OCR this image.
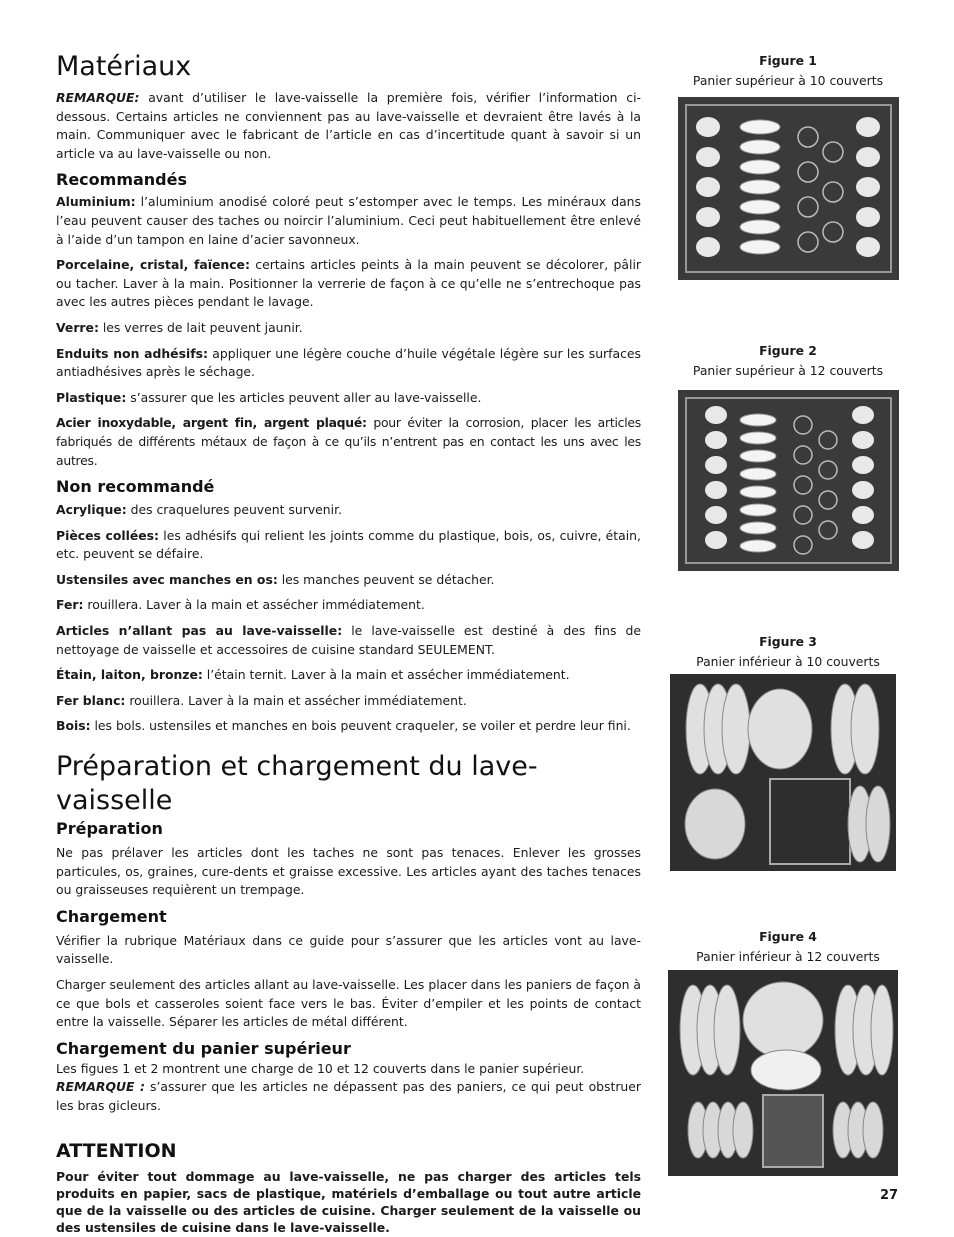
Matériaux

REMARQUE: avant d’utiliser le lave-vaisselle la première fois, vérifier l’information ci-dessous. Certains articles ne conviennent pas au lave-vaisselle et devraient être lavés à la main. Communiquer avec le fabricant de l’article en cas d’incertitude quant à savoir si un article va au lave-vaisselle ou non.

Recommandés

Aluminium: l’aluminium anodisé coloré peut s’estomper avec le temps. Les minéraux dans l’eau peuvent causer des taches ou noircir l’aluminium. Ceci peut habituellement être enlevé à l’aide d’un tampon en laine d’acier savonneux.

Porcelaine, cristal, faïence: certains articles peints à la main peuvent se décolorer, pâlir ou tacher. Laver à la main. Positionner la verrerie de façon à ce qu’elle ne s’entrechoque pas avec les autres pièces pendant le lavage.

Verre: les verres de lait peuvent jaunir.

Enduits non adhésifs: appliquer une légère couche d’huile végétale légère sur les surfaces antiadhésives après le séchage.

Plastique: s’assurer que les articles peuvent aller au lave-vaisselle.

Acier inoxydable, argent fin, argent plaqué: pour éviter la corrosion, placer les articles fabriqués de différents métaux de façon à ce qu’ils n’entrent pas en contact les uns avec les autres.

Non recommandé

Acrylique: des craquelures peuvent survenir.

Pièces collées: les adhésifs qui relient les joints comme du plastique, bois, os, cuivre, étain, etc. peuvent se défaire.

Ustensiles avec manches en os: les manches peuvent se détacher.

Fer: rouillera. Laver à la main et assécher immédiatement.

Articles n’allant pas au lave-vaisselle: le lave-vaisselle est destiné à des fins de nettoyage de vaisselle et accessoires de cuisine standard SEULEMENT.

Étain, laiton, bronze: l’étain ternit. Laver à la main et assécher immédiatement.

Fer blanc: rouillera. Laver à la main et assécher immédiatement.

Bois: les bols. ustensiles et manches en bois peuvent craqueler, se voiler et perdre leur fini.

Préparation et chargement du lave-vaisselle
Préparation

Ne pas prélaver les articles dont les taches ne sont pas tenaces. Enlever les grosses particules, os, graines, cure-dents et graisse excessive. Les articles ayant des taches tenaces ou graisseuses requièrent un trempage.

Chargement

Vérifier la rubrique Matériaux dans ce guide pour s’assurer que les articles vont au lave-vaisselle.

Charger seulement des articles allant au lave-vaisselle. Les placer dans les paniers de façon à ce que bols et casseroles soient face vers le bas. Éviter d’empiler et les points de contact entre la vaisselle. Séparer les articles de métal différent.

Chargement du panier supérieur

Les figues 1 et 2 montrent une charge de 10 et 12 couverts dans le panier supérieur.

REMARQUE : s’assurer que les articles ne dépassent pas des paniers, ce qui peut obstruer les bras gicleurs.

ATTENTION

Pour éviter tout dommage au lave-vaisselle, ne pas charger des articles tels produits en papier, sacs de plastique, matériels d’emballage ou tout autre article que de la vaisselle ou des articles de cuisine. Charger seulement de la vaisselle ou des ustensiles de cuisine dans le lave-vaisselle.

Figure 1
Panier supérieur à 10 couverts
Figure 2
Panier supérieur à 12 couverts
Figure 3
Panier inférieur à 10 couverts
Figure 4
Panier inférieur à 12 couverts
27
